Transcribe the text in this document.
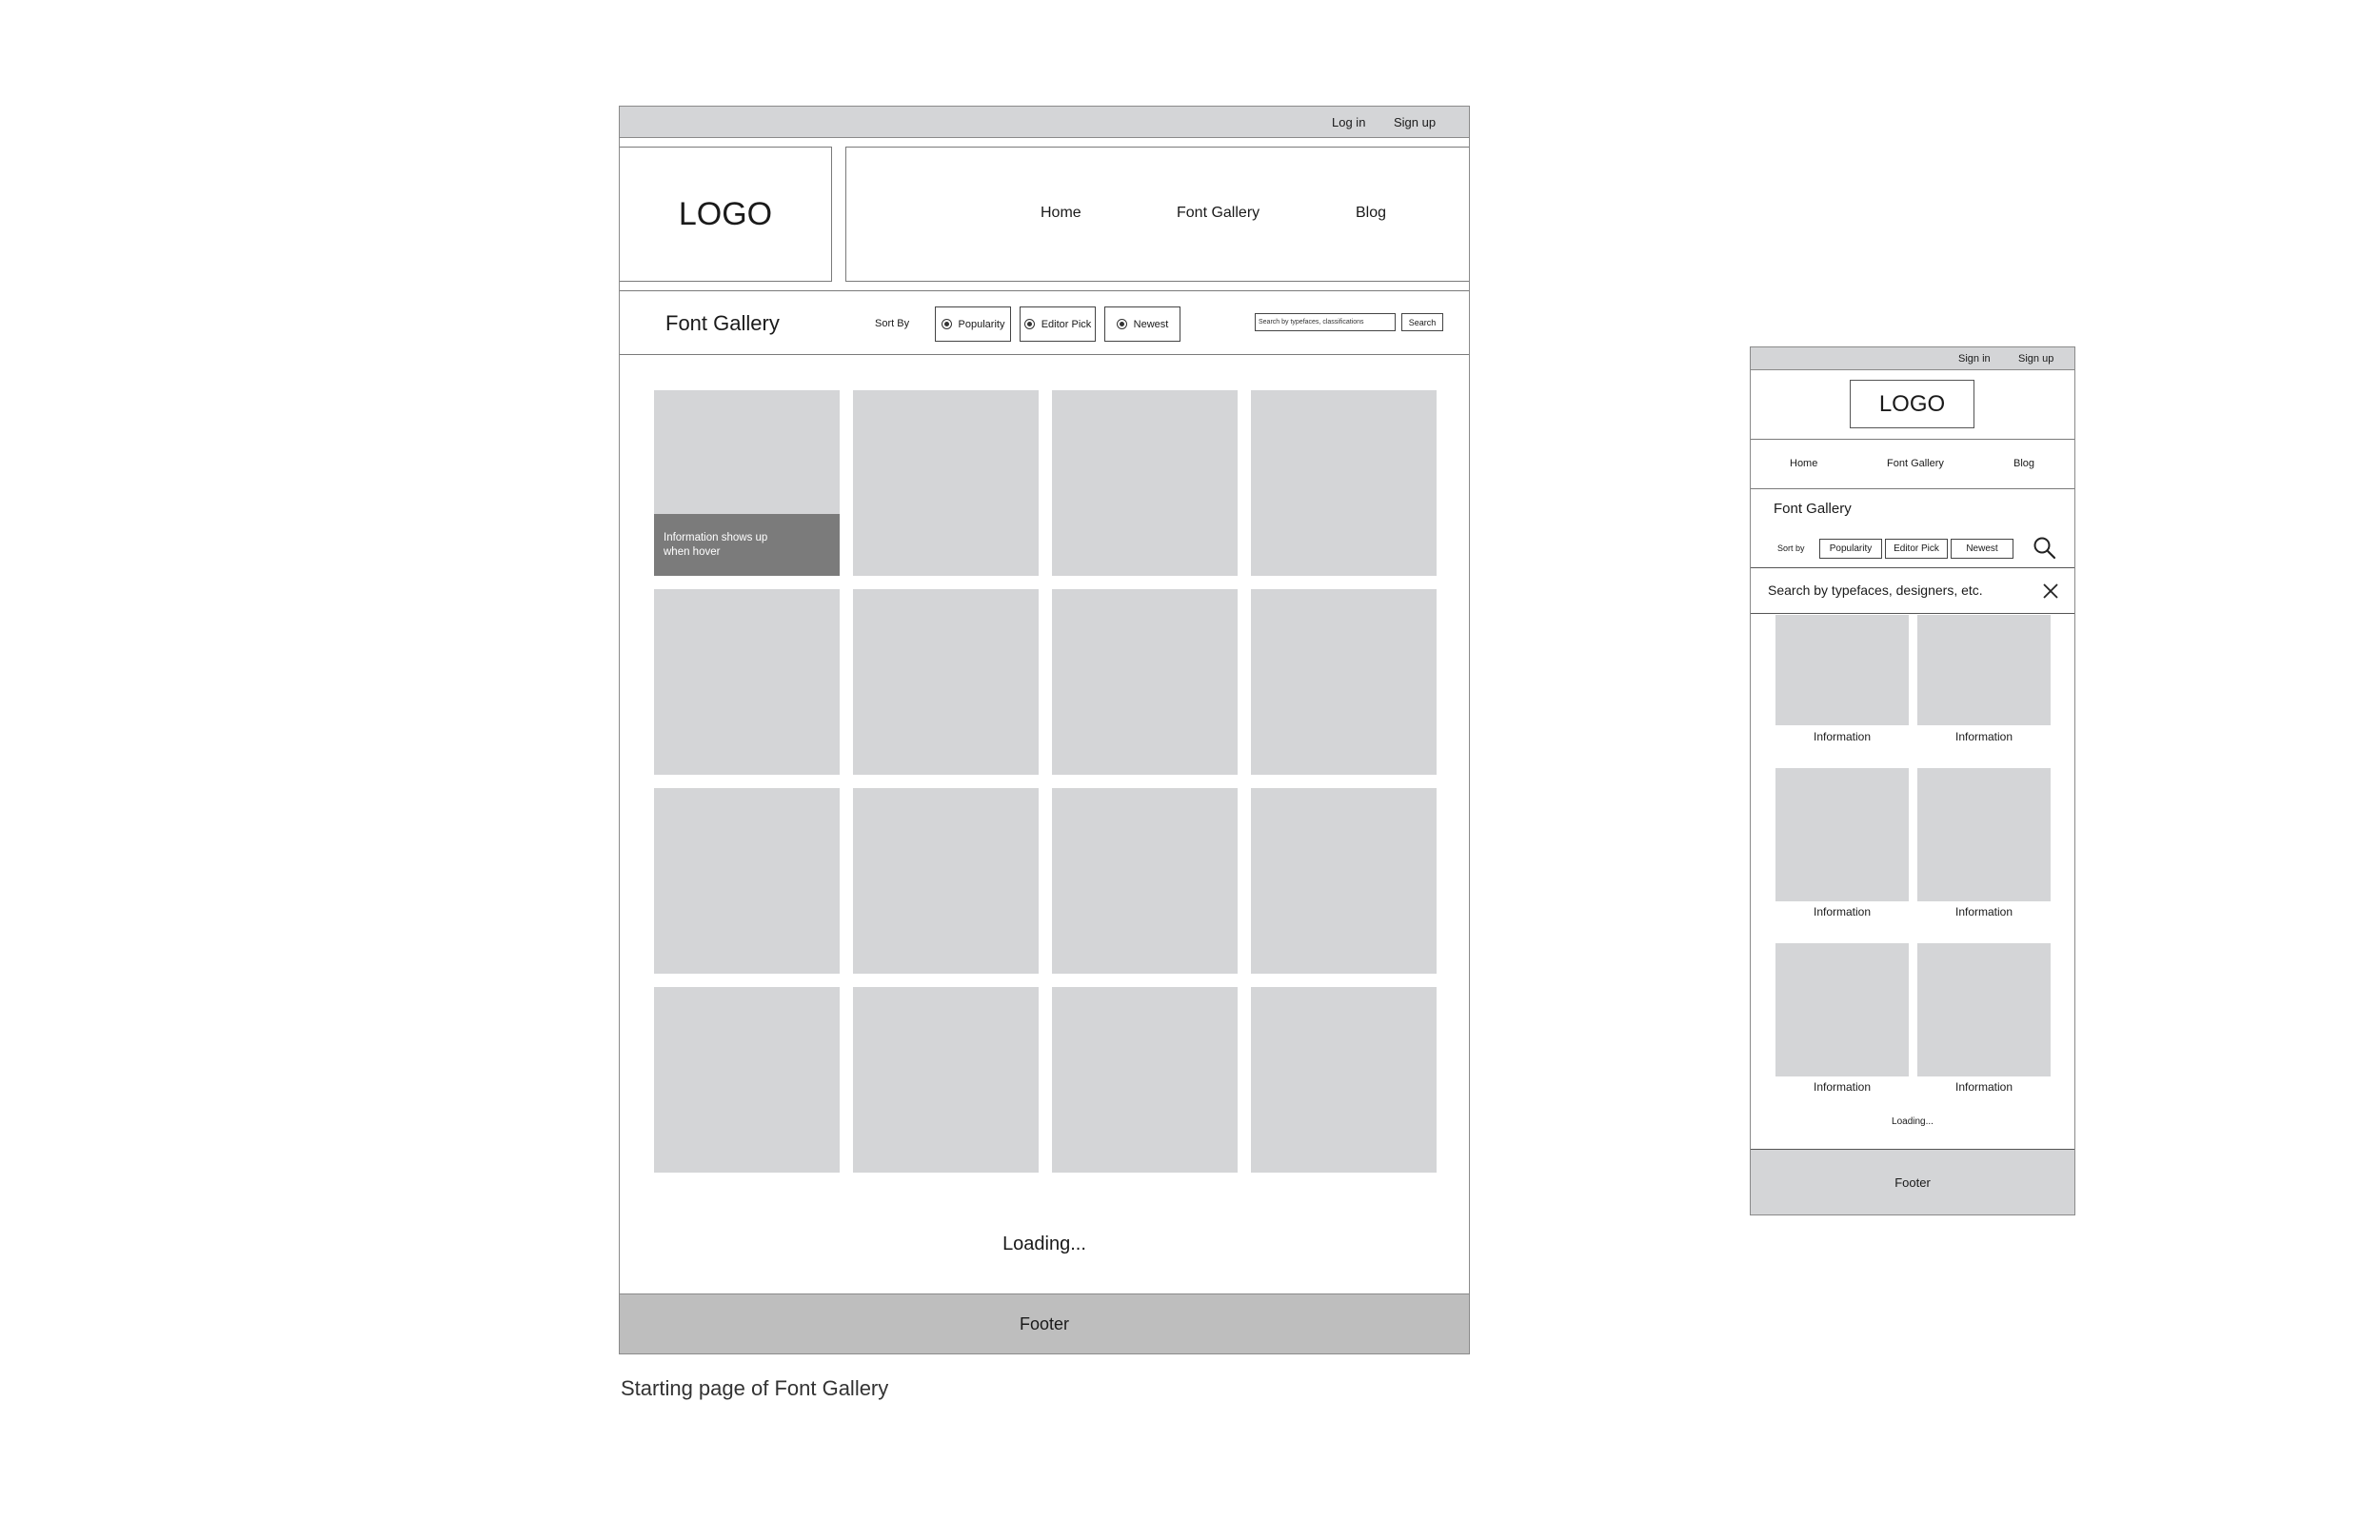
Log in Sign up
LOGO	Home	Font Gallery	Blog
Font Gallery	Sort By	Popularity	Editor Pick	Newest	Search by typefaces, classifications	Search
Information shows up
when hover
Loading...
Footer
Starting page of Font Gallery
Sign in	Sign up
LOGO
Home	Font Gallery	Blog
Font Gallery
Sort by	Popularity	Editor Pick	Newest
Search by typefaces, designers, etc.
Information	Information
Information	Information
Information	Information
Loading...
Footer
